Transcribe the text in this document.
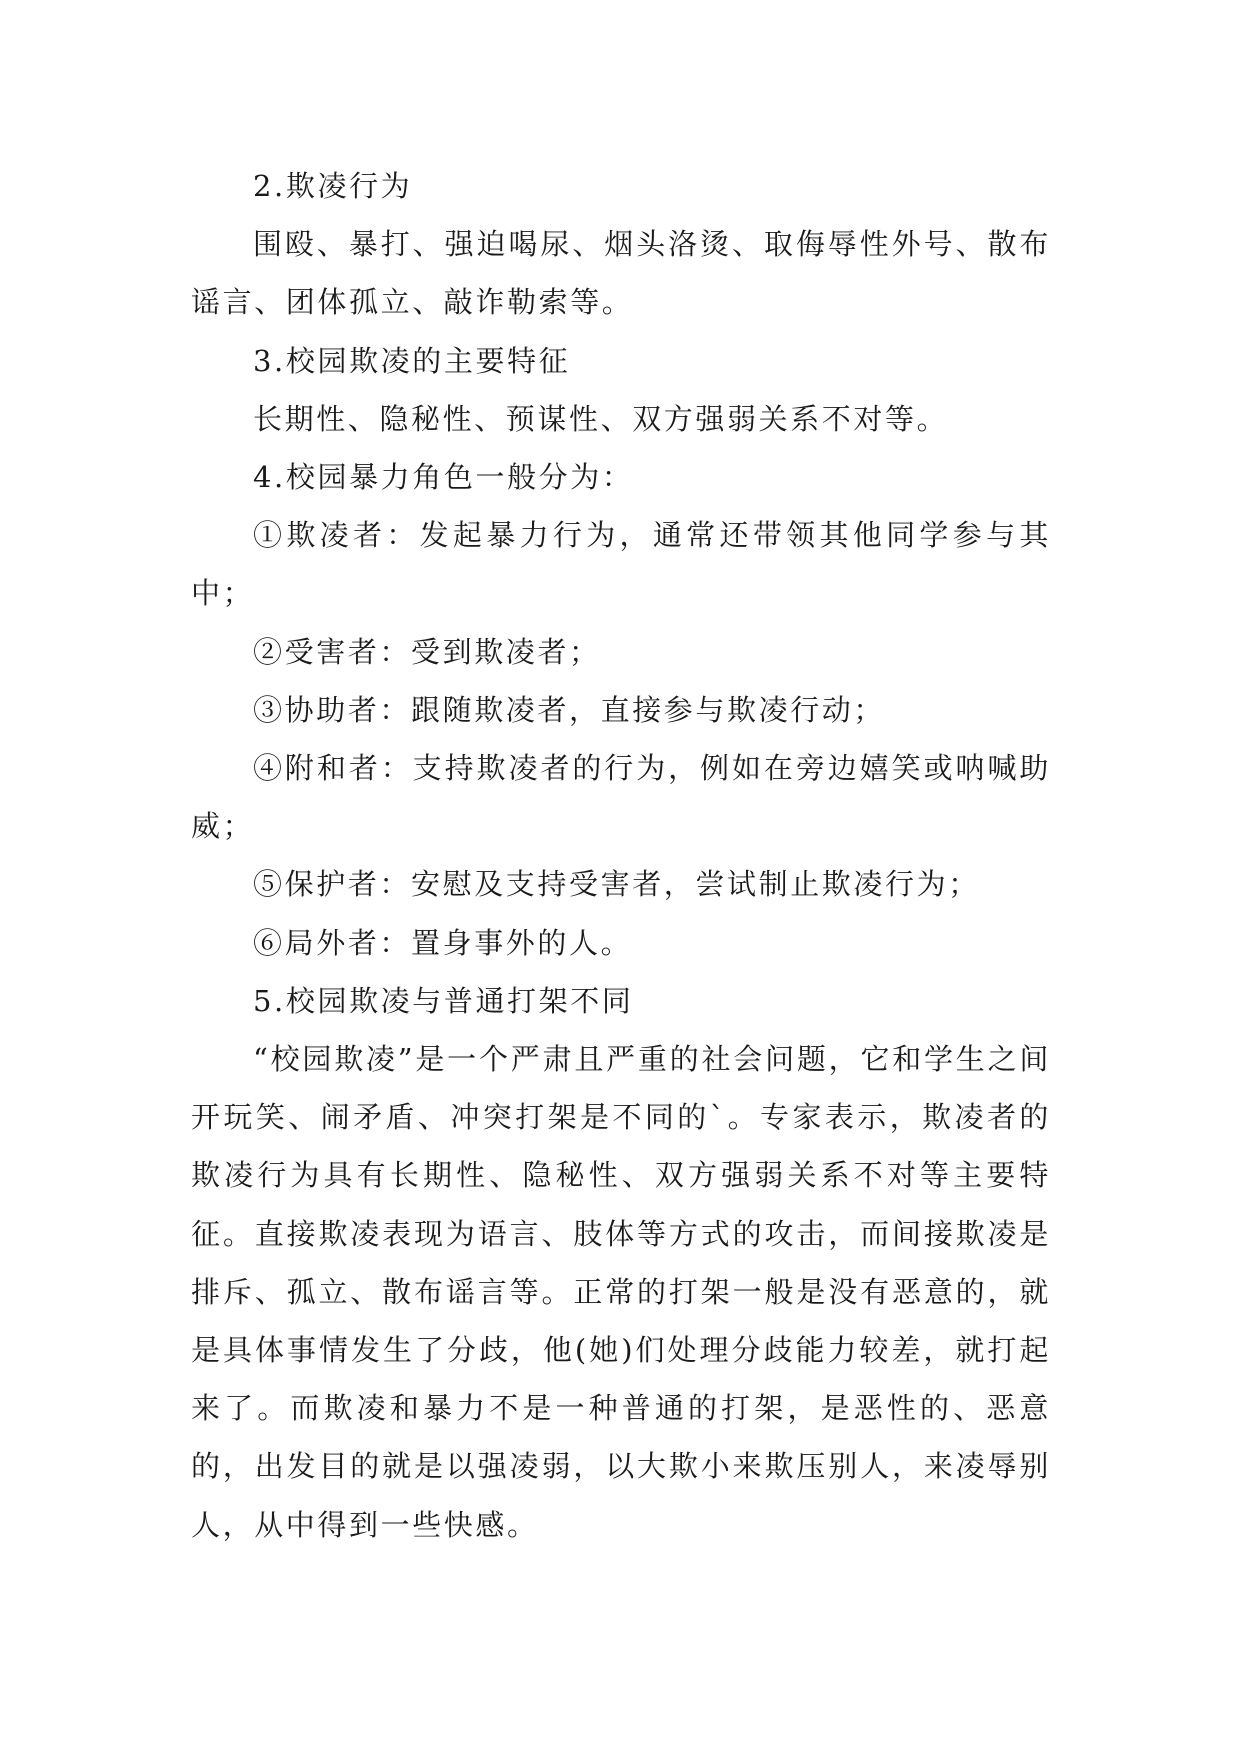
2.欺凌行为

围殴、暴打、强迫喝尿、烟头洛烫、取侮辱性外号、散布谣言、团体孤立、敲诈勒索等。

3.校园欺凌的主要特征

长期性、隐秘性、预谋性、双方强弱关系不对等。

4.校园暴力角色一般分为：

①欺凌者：发起暴力行为，通常还带领其他同学参与其中；

②受害者：受到欺凌者；

③协助者：跟随欺凌者，直接参与欺凌行动；

④附和者：支持欺凌者的行为，例如在旁边嬉笑或呐喊助威；

⑤保护者：安慰及支持受害者，尝试制止欺凌行为；

⑥局外者：置身事外的人。

5.校园欺凌与普通打架不同

“校园欺凌”是一个严肃且严重的社会问题，它和学生之间开玩笑、闹矛盾、冲突打架是不同的`。专家表示，欺凌者的欺凌行为具有长期性、隐秘性、双方强弱关系不对等主要特征。直接欺凌表现为语言、肢体等方式的攻击，而间接欺凌是排斥、孤立、散布谣言等。正常的打架一般是没有恶意的，就是具体事情发生了分歧，他(她)们处理分歧能力较差，就打起来了。而欺凌和暴力不是一种普通的打架，是恶性的、恶意的，出发目的就是以强凌弱，以大欺小来欺压别人，来凌辱别人，从中得到一些快感。
